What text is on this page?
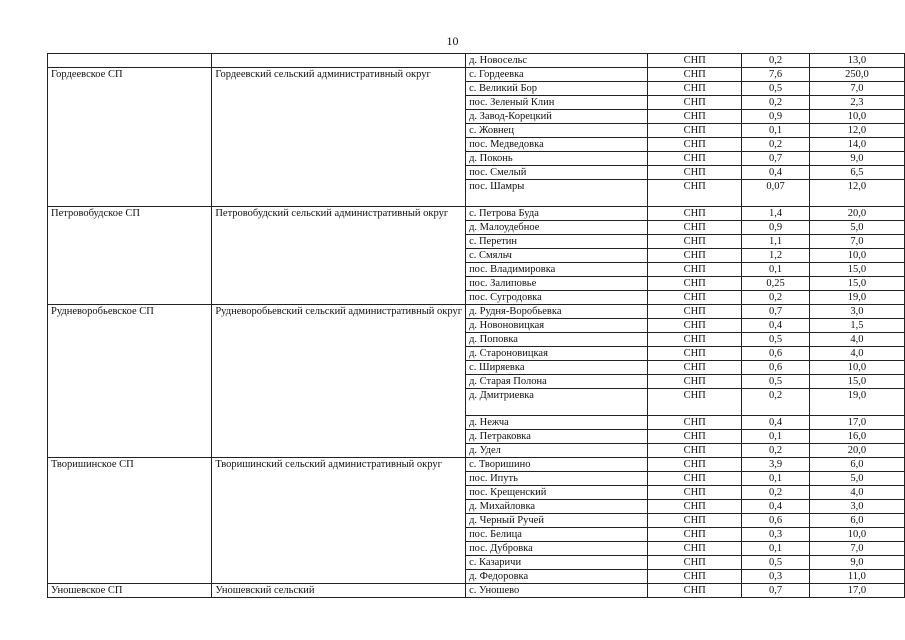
10
		д. Новосельс	СНП	0,2	13,0
Гордеевское СП	Гордеевский сельский административный округ	с. Гордеевка	СНП	7,6	250,0
		с. Великий Бор	СНП	0,5	7,0
		пос. Зеленый Клин	СНП	0,2	2,3
		д. Завод-Корецкий	СНП	0,9	10,0
		с. Жовнец	СНП	0,1	12,0
		пос. Медведовка	СНП	0,2	14,0
		д. Поконь	СНП	0,7	9,0
		пос. Смелый	СНП	0,4	6,5
		пос. Шамры	СНП	0,07	12,0
Петровобудское СП	Петровобудский сельский административный округ	с. Петрова Буда	СНП	1,4	20,0
		д. Малоудебное	СНП	0,9	5,0
		с. Перетин	СНП	1,1	7,0
		с. Смяльч	СНП	1,2	10,0
		пос. Владимировка	СНП	0,1	15,0
		пос. Залиповье	СНП	0,25	15,0
		пос. Сугродовка	СНП	0,2	19,0
Рудневоробьевское СП	Рудневоробьевский сельский административный округ	д. Рудня-Воробьевка	СНП	0,7	3,0
		д. Новоновицкая	СНП	0,4	1,5
		д. Поповка	СНП	0,5	4,0
		д. Староновицкая	СНП	0,6	4,0
		с. Ширяевка	СНП	0,6	10,0
		д. Старая Полона	СНП	0,5	15,0
		д. Дмитриевка	СНП	0,2	19,0
		д. Нежча	СНП	0,4	17,0
		д. Петраковка	СНП	0,1	16,0
		д. Удел	СНП	0,2	20,0
Творишинское СП	Творишинский сельский административный округ	с. Творишино	СНП	3,9	6,0
		пос. Ипуть	СНП	0,1	5,0
		пос. Крещенский	СНП	0,2	4,0
		д. Михайловка	СНП	0,4	3,0
		д. Черный Ручей	СНП	0,6	6,0
		пос. Белица	СНП	0,3	10,0
		пос. Дубровка	СНП	0,1	7,0
		с. Казаричи	СНП	0,5	9,0
		д. Федоровка	СНП	0,3	11,0
Уношевское СП	Уношевский сельский	с. Уношево	СНП	0,7	17,0
